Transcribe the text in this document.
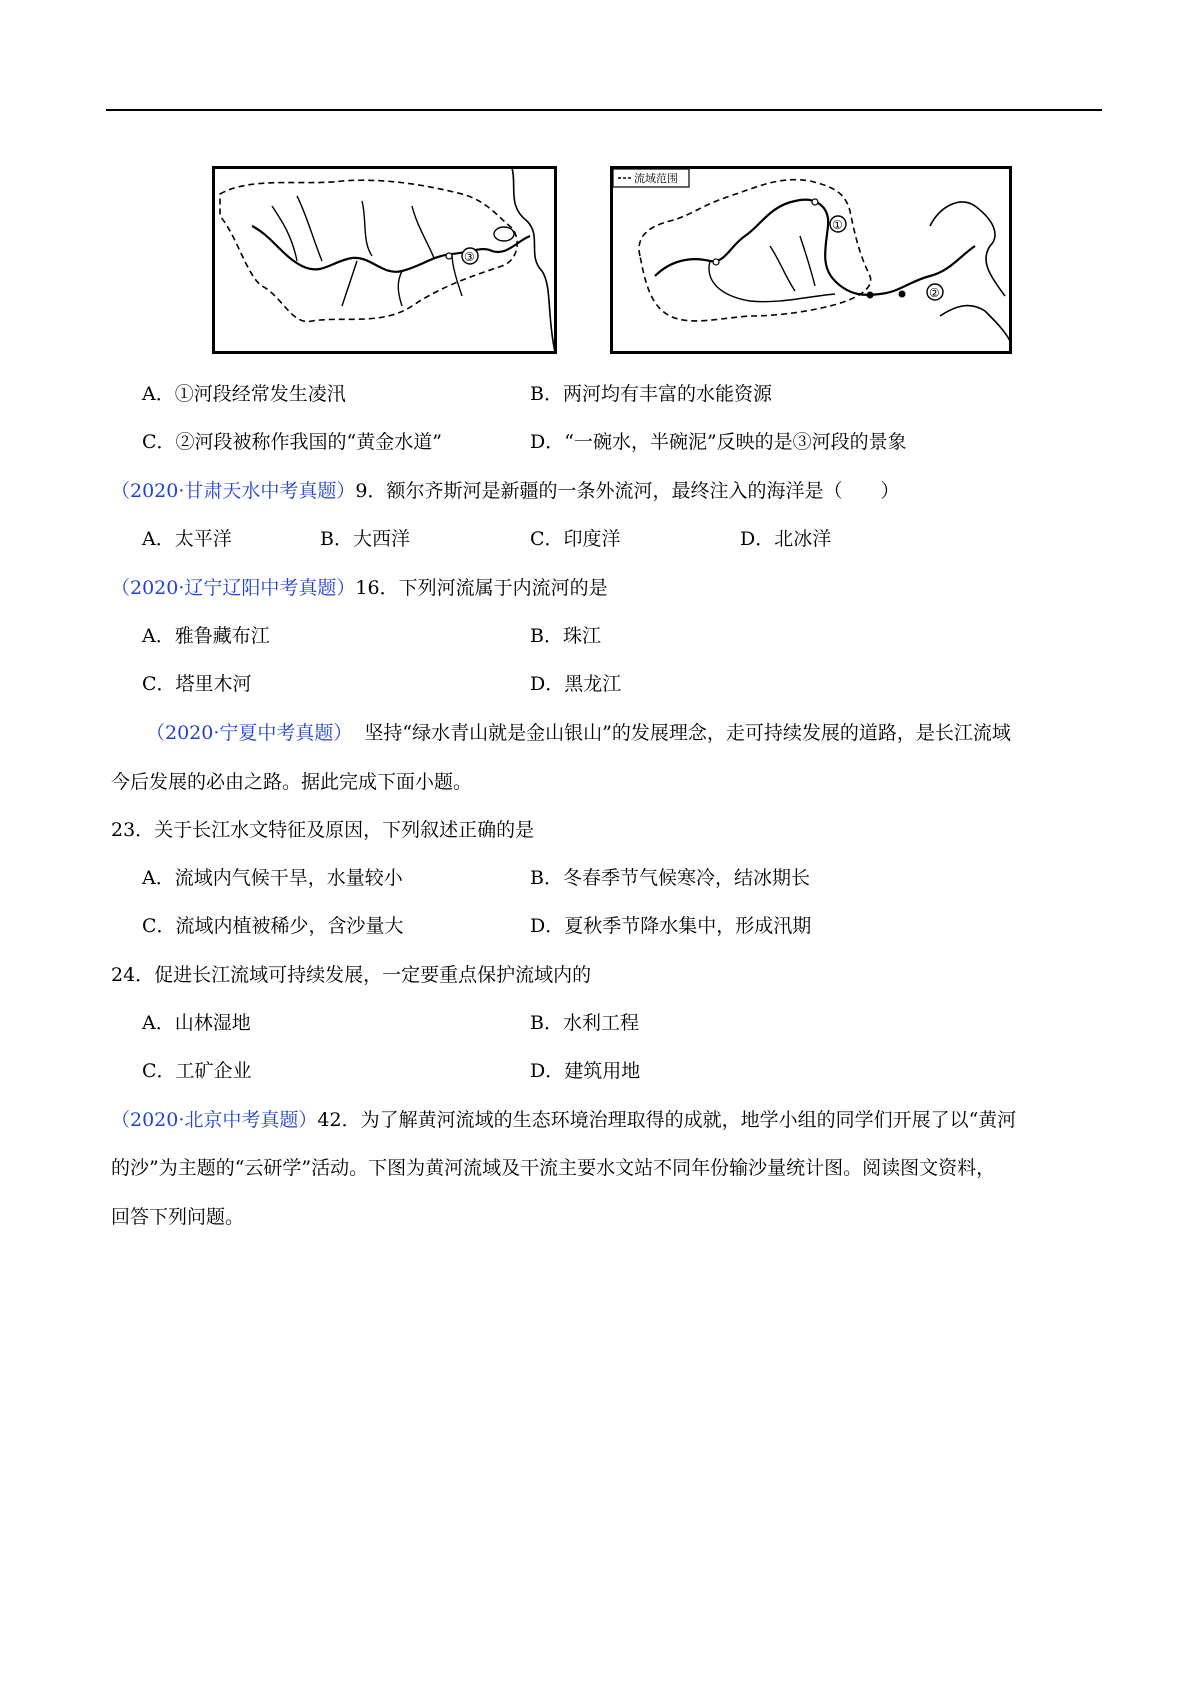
③
流域范围
①
②
A．①河段经常发生凌汛	B．两河均有丰富的水能资源
C．②河段被称作我国的“黄金水道”	D．“一碗水，半碗泥”反映的是③河段的景象
（2020·甘肃天水中考真题）9．额尔齐斯河是新疆的一条外流河，最终注入的海洋是（　　）
A．太平洋	B．大西洋	C．印度洋	D．北冰洋
（2020·辽宁辽阳中考真题）16．下列河流属于内流河的是
A．雅鲁藏布江	B．珠江
C．塔里木河	D．黑龙江
（2020·宁夏中考真题） 坚持“绿水青山就是金山银山”的发展理念，走可持续发展的道路，是长江流域
今后发展的必由之路。据此完成下面小题。
23．关于长江水文特征及原因，下列叙述正确的是
A．流域内气候干旱，水量较小	B．冬春季节气候寒冷，结冰期长
C．流域内植被稀少，含沙量大	D．夏秋季节降水集中，形成汛期
24．促进长江流域可持续发展，一定要重点保护流域内的
A．山林湿地	B．水利工程
C．工矿企业	D．建筑用地
（2020·北京中考真题）42．为了解黄河流域的生态环境治理取得的成就，地学小组的同学们开展了以“黄河
的沙”为主题的“云研学”活动。下图为黄河流域及干流主要水文站不同年份输沙量统计图。阅读图文资料，
回答下列问题。
